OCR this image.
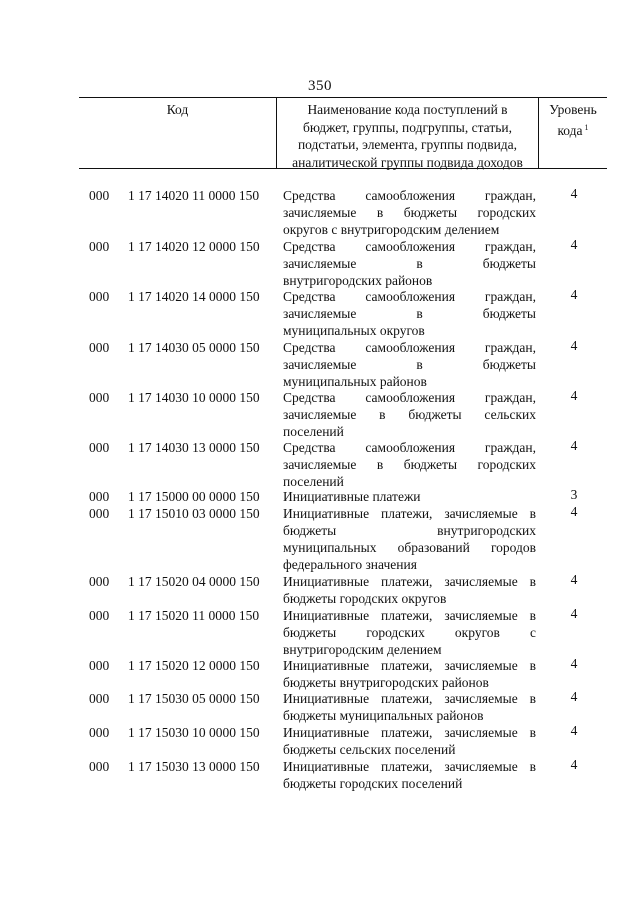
350
Код	Наименование кода поступлений в
бюджет, группы, подгруппы, статьи,
подстатьи, элемента, группы подвида,
аналитической группы подвида доходов
Уровень
кода $^1$
000 1 17 14020 11 0000 150 Средства самообложения граждан,
зачисляемые в бюджеты городских
округов с внутригородским делением
4
000 1 17 14020 12 0000 150 Средства самообложения граждан,
зачисляемые в бюджеты
внутригородских районов
4
000 1 17 14020 14 0000 150 Средства самообложения граждан,
зачисляемые в бюджеты
муниципальных округов
4
000 1 17 14030 05 0000 150 Средства самообложения граждан,
зачисляемые в бюджеты
муниципальных районов
4
000 1 17 14030 10 0000 150 Средства самообложения граждан,
зачисляемые в бюджеты сельских
поселений
4
000 1 17 14030 13 0000 150 Средства самообложения граждан,
зачисляемые в бюджеты городских
поселений
4
000 1 17 15000 00 0000 150 Инициативные платежи	3
000 1 17 15010 03 0000 150 Инициативные платежи, зачисляемые в
бюджеты внутригородских
муниципальных образований городов
федерального значения
4
000 1 17 15020 04 0000 150 Инициативные платежи, зачисляемые в
бюджеты городских округов
4
000 1 17 15020 11 0000 150 Инициативные платежи, зачисляемые в
бюджеты городских округов с
внутригородским делением
4
000 1 17 15020 12 0000 150 Инициативные платежи, зачисляемые в
бюджеты внутригородских районов
4
000 1 17 15030 05 0000 150 Инициативные платежи, зачисляемые в
бюджеты муниципальных районов
4
000 1 17 15030 10 0000 150 Инициативные платежи, зачисляемые в
бюджеты сельских поселений
4
000 1 17 15030 13 0000 150 Инициативные платежи, зачисляемые в
бюджеты городских поселений
4
